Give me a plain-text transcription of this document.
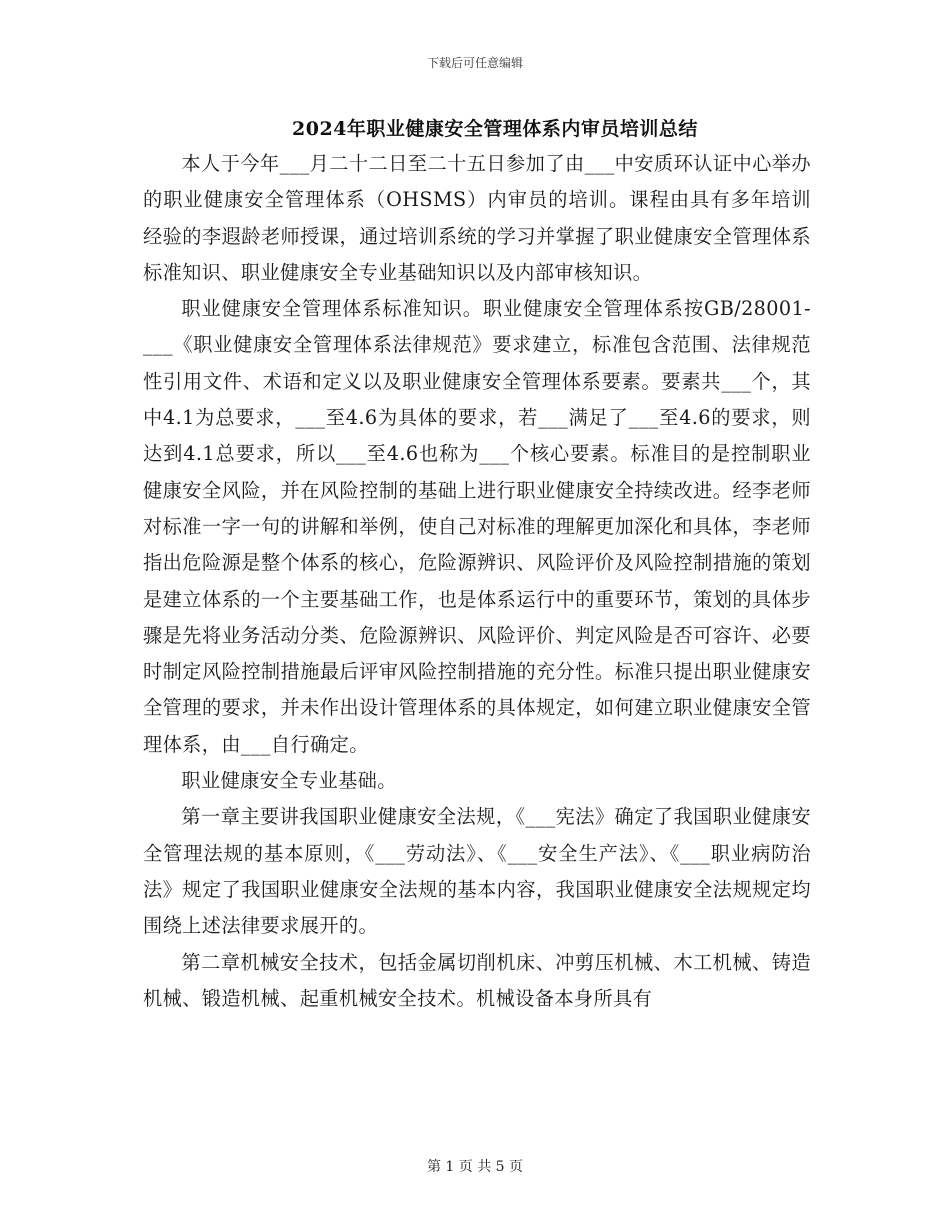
下载后可任意编辑
2024年职业健康安全管理体系内审员培训总结

本人于今年___月二十二日至二十五日参加了由___中安质环认证中心举办的职业健康安全管理体系（OHSMS）内审员的培训。课程由具有多年培训经验的李遐龄老师授课，通过培训系统的学习并掌握了职业健康安全管理体系标准知识、职业健康安全专业基础知识以及内部审核知识。

职业健康安全管理体系标准知识。职业健康安全管理体系按GB/28001-___《职业健康安全管理体系法律规范》要求建立，标准包含范围、法律规范性引用文件、术语和定义以及职业健康安全管理体系要素。要素共___个，其中4.1为总要求，___至4.6为具体的要求，若___满足了___至4.6的要求，则达到4.1总要求，所以___至4.6也称为___个核心要素。标准目的是控制职业健康安全风险，并在风险控制的基础上进行职业健康安全持续改进。经李老师对标准一字一句的讲解和举例，使自己对标准的理解更加深化和具体，李老师指出危险源是整个体系的核心，危险源辨识、风险评价及风险控制措施的策划是建立体系的一个主要基础工作，也是体系运行中的重要环节，策划的具体步骤是先将业务活动分类、危险源辨识、风险评价、判定风险是否可容许、必要时制定风险控制措施最后评审风险控制措施的充分性。标准只提出职业健康安全管理的要求，并未作出设计管理体系的具体规定，如何建立职业健康安全管理体系，由___自行确定。

职业健康安全专业基础。

第一章主要讲我国职业健康安全法规，《___宪法》确定了我国职业健康安全管理法规的基本原则，《___劳动法》、《___安全生产法》、《___职业病防治法》规定了我国职业健康安全法规的基本内容，我国职业健康安全法规规定均围绕上述法律要求展开的。

第二章机械安全技术，包括金属切削机床、冲剪压机械、木工机械、铸造机械、锻造机械、起重机械安全技术。机械设备本身所具有

第 1 页 共 5 页
